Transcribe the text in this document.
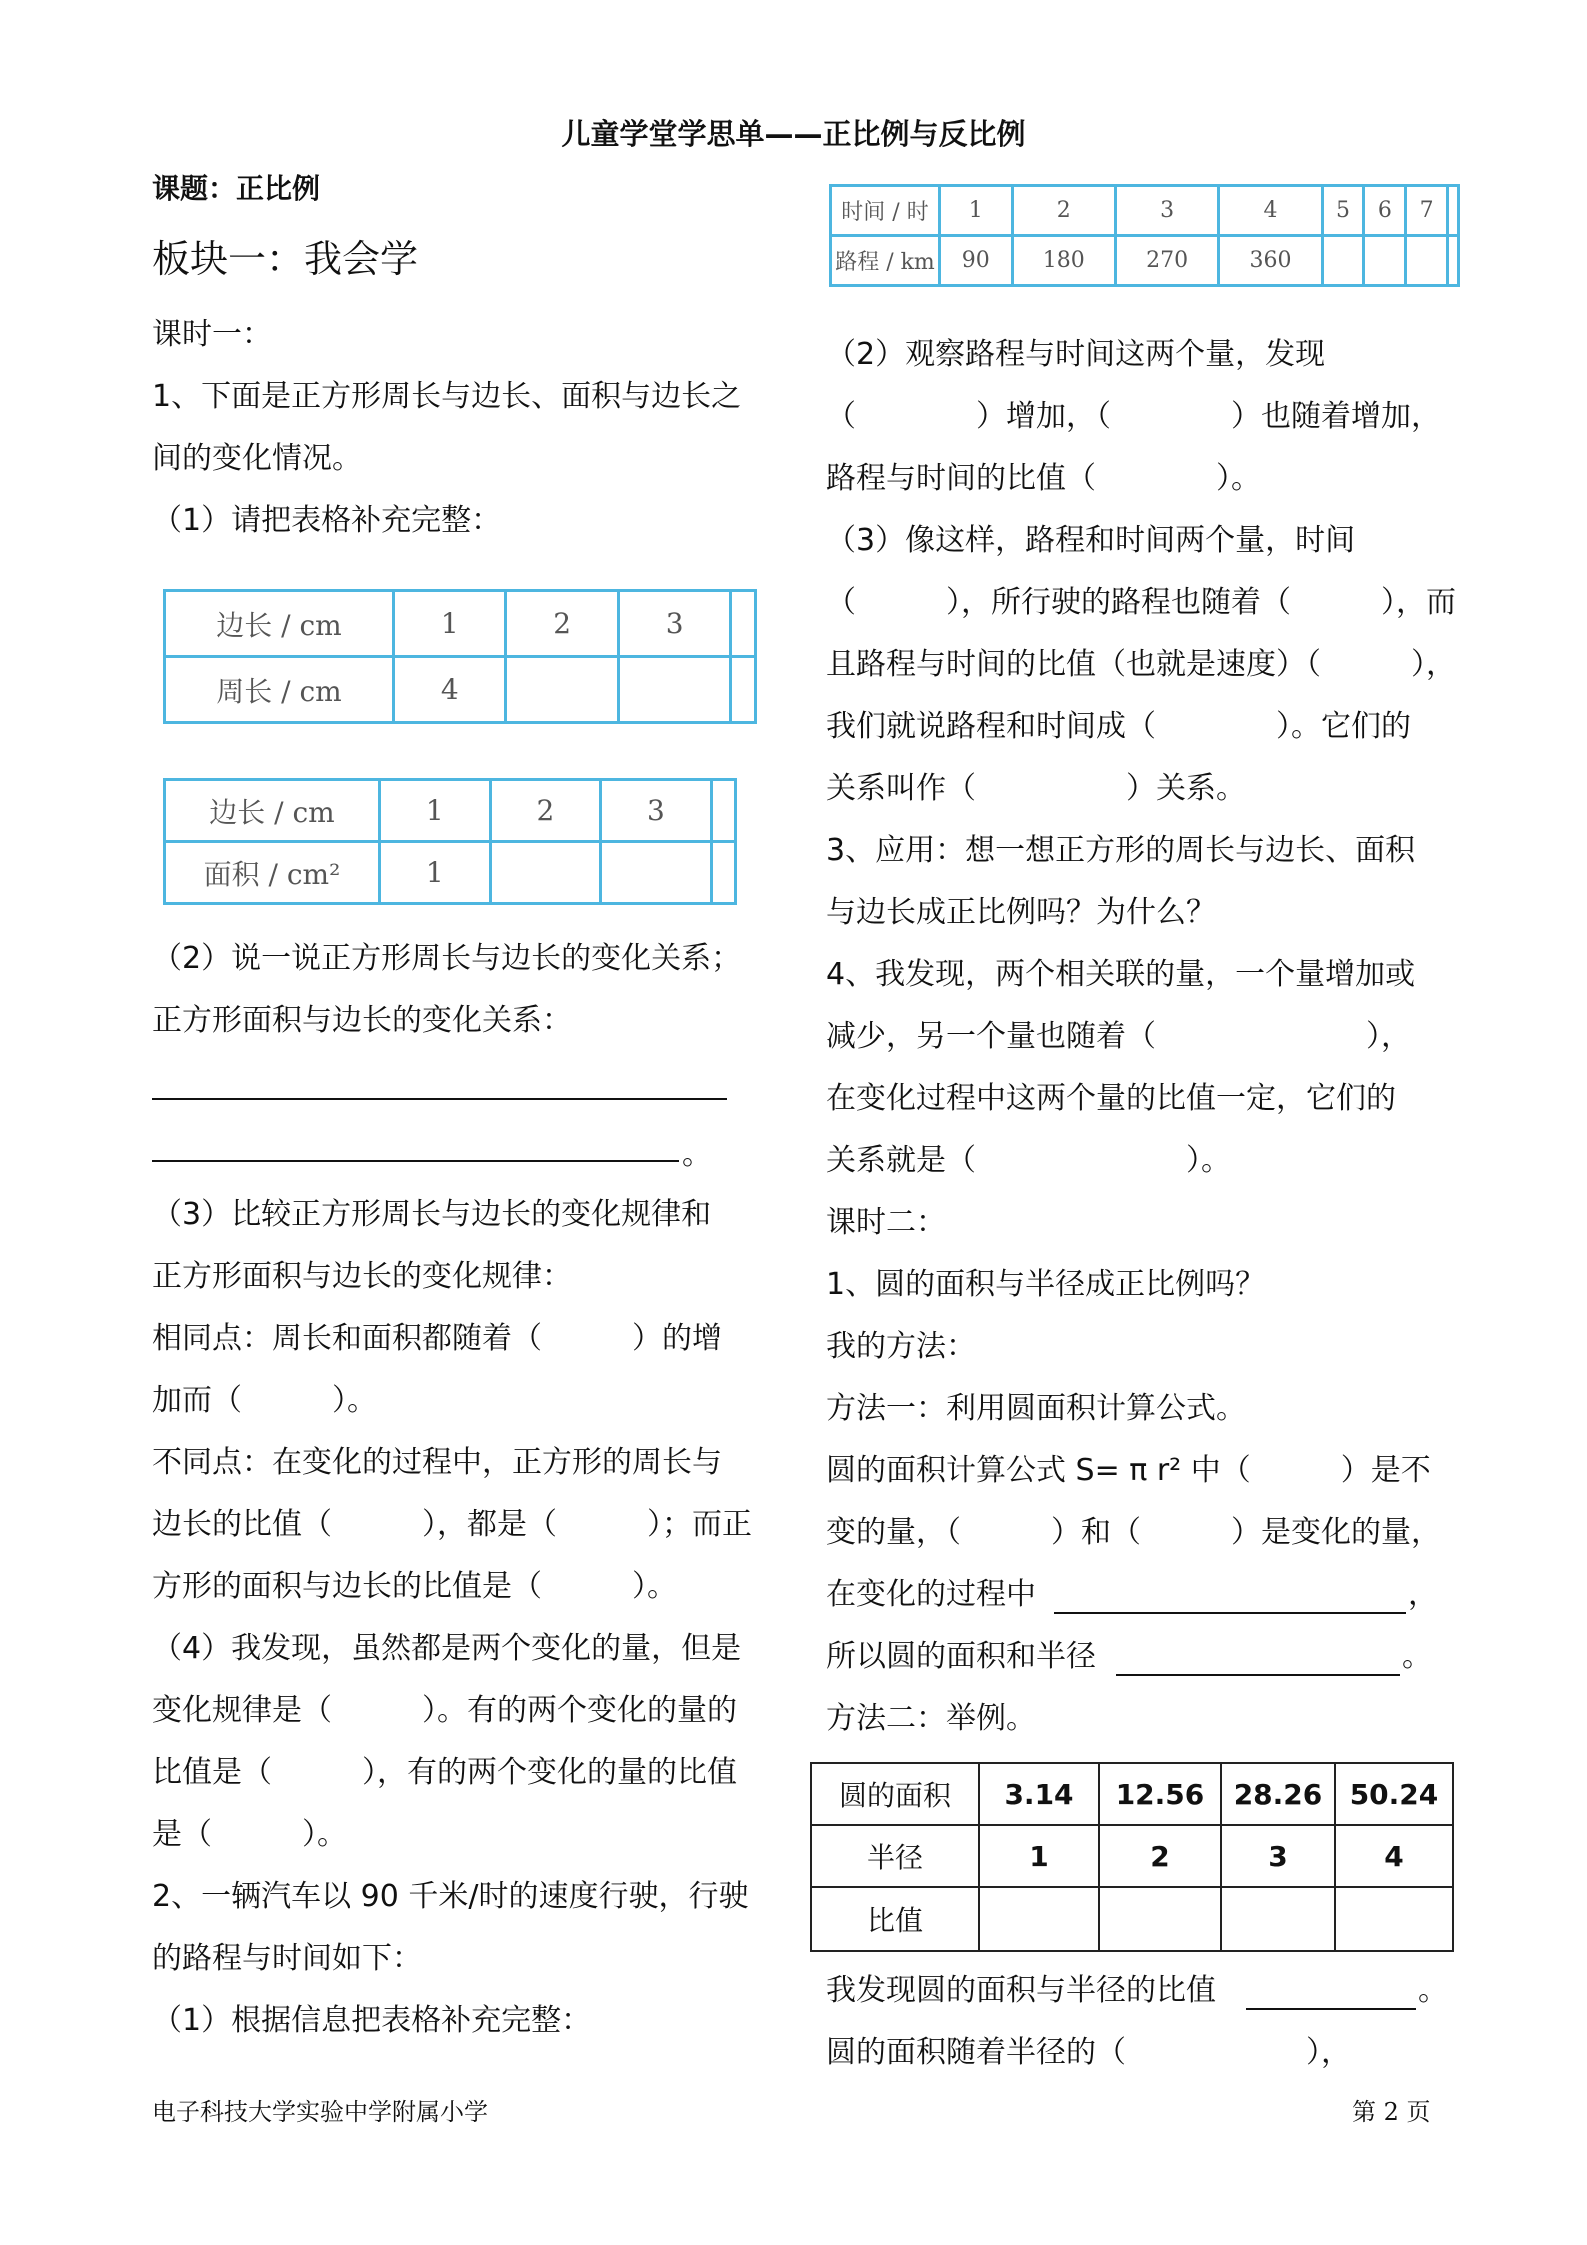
儿童学堂学思单——正比例与反比例
课题：正比例
板块一：我会学
课时一：
1、下面是正方形周长与边长、面积与边长之
间的变化情况。
（1）请把表格补充完整：
边长 / cm	1	2	3	
周长 / cm	4			
边长 / cm	1	2	3	
面积 / cm²	1			
（2）说一说正方形周长与边长的变化关系；
正方形面积与边长的变化关系：
。
（3）比较正方形周长与边长的变化规律和
正方形面积与边长的变化规律：
相同点：周长和面积都随着（　　　）的增
加而（　　　）。
不同点：在变化的过程中，正方形的周长与
边长的比值（　　　），都是（　　　）；而正
方形的面积与边长的比值是（　　　）。
（4）我发现，虽然都是两个变化的量，但是
变化规律是（　　　）。有的两个变化的量的
比值是（　　　），有的两个变化的量的比值
是（　　　）。
2、一辆汽车以 90 千米/时的速度行驶，行驶
的路程与时间如下：
（1）根据信息把表格补充完整：
时间 / 时	1	2	3	4	5	6	7	
路程 / km	90	180	270	360				
（2）观察路程与时间这两个量，发现
（　　　　）增加，（　　　　）也随着增加，
路程与时间的比值（　　　　）。
（3）像这样，路程和时间两个量，时间
（　　　），所行驶的路程也随着（　　　），而
且路程与时间的比值（也就是速度）（　　　），
我们就说路程和时间成（　　　　）。它们的
关系叫作（　　　　　）关系。
3、应用：想一想正方形的周长与边长、面积
与边长成正比例吗？为什么？
4、我发现，两个相关联的量，一个量增加或
减少，另一个量也随着（　　　　　　　），
在变化过程中这两个量的比值一定，它们的
关系就是（　　　　　　　）。
课时二：
1、圆的面积与半径成正比例吗？
我的方法：
方法一：利用圆面积计算公式。
圆的面积计算公式 S= π r² 中（　　　）是不
变的量，（　　　）和（　　　）是变化的量，
在变化的过程中	，
所以圆的面积和半径	。
方法二：举例。
圆的面积	3.14	12.56	28.26	50.24
半径	1	2	3	4
比值				
我发现圆的面积与半径的比值	。
圆的面积随着半径的（　　　　　　），
电子科技大学实验中学附属小学	第 2 页
